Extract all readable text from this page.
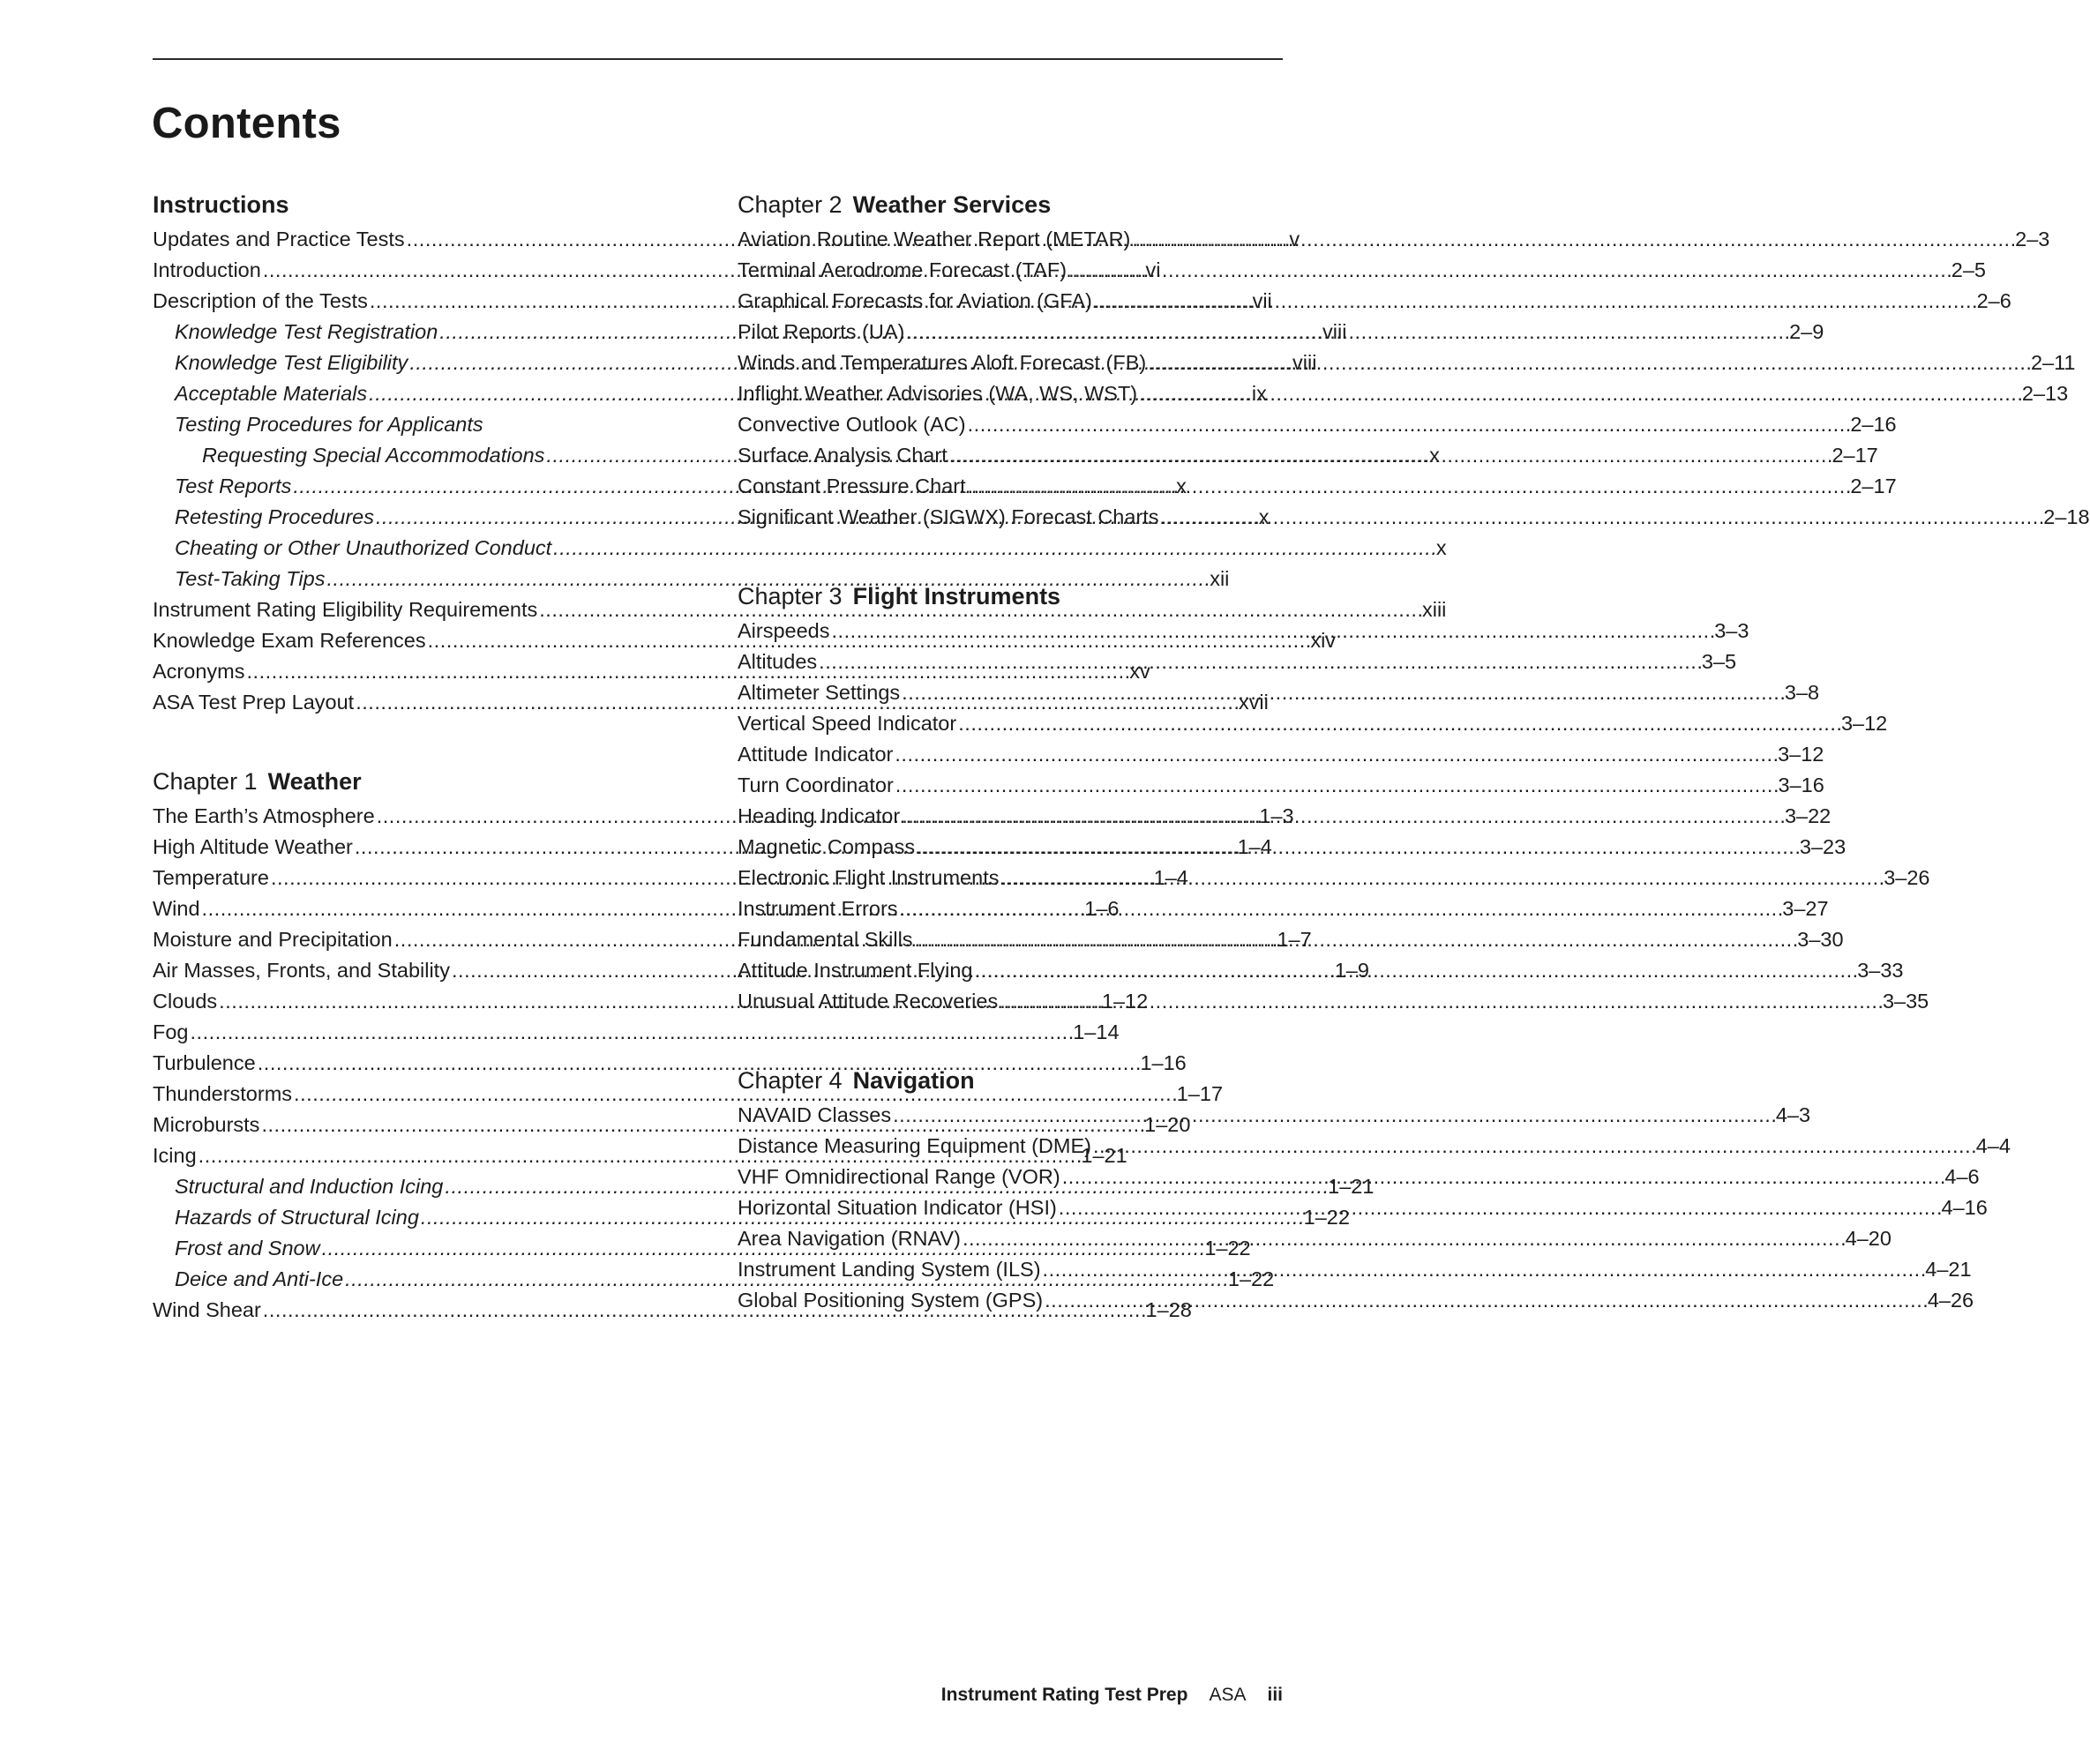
Contents
Instructions
Updates and Practice Tests . . .	v
Introduction . . .	vi
Description of the Tests . . .	vii
Knowledge Test Registration . . .	viii
Knowledge Test Eligibility . . .	viii
Acceptable Materials . . .	ix
Testing Procedures for Applicants
Requesting Special Accommodations . . .	x
Test Reports . . .	x
Retesting Procedures . . .	x
Cheating or Other Unauthorized Conduct . . .	x
Test-Taking Tips . . .	xii
Instrument Rating Eligibility Requirements . . .	xiii
Knowledge Exam References . . .	xiv
Acronyms . . .	xv
ASA Test Prep Layout . . .	xvii
Chapter 1 Weather
The Earth’s Atmosphere . . .	1–3
High Altitude Weather . . .	1–4
Temperature . . .	1–4
Wind . . .	1–6
Moisture and Precipitation . . .	1–7
Air Masses, Fronts, and Stability . . .	1–9
Clouds . . .	1–12
Fog . . .	1–14
Turbulence . . .	1–16
Thunderstorms . . .	1–17
Microbursts . . .	1–20
Icing . . .	1–21
Structural and Induction Icing . . .	1–21
Hazards of Structural Icing . . .	1–22
Frost and Snow . . .	1–22
Deice and Anti-Ice . . .	1–22
Wind Shear . . .	1–28
Chapter 2 Weather Services
Aviation Routine Weather Report (METAR) . . .	2–3
Terminal Aerodrome Forecast (TAF) . . .	2–5
Graphical Forecasts for Aviation (GFA) . . .	2–6
Pilot Reports (UA) . . .	2–9
Winds and Temperatures Aloft Forecast (FB) . . .	2–11
Inflight Weather Advisories (WA, WS, WST) . . .	2–13
Convective Outlook (AC) . . .	2–16
Surface Analysis Chart . . .	2–17
Constant Pressure Chart . . .	2–17
Significant Weather (SIGWX) Forecast Charts . . .	2–18
Chapter 3 Flight Instruments
Airspeeds . . .	3–3
Altitudes . . .	3–5
Altimeter Settings . . .	3–8
Vertical Speed Indicator . . .	3–12
Attitude Indicator . . .	3–12
Turn Coordinator . . .	3–16
Heading Indicator . . .	3–22
Magnetic Compass . . .	3–23
Electronic Flight Instruments . . .	3–26
Instrument Errors . . .	3–27
Fundamental Skills . . .	3–30
Attitude Instrument Flying . . .	3–33
Unusual Attitude Recoveries . . .	3–35
Chapter 4 Navigation
NAVAID Classes . . .	4–3
Distance Measuring Equipment (DME) . . .	4–4
VHF Omnidirectional Range (VOR) . . .	4–6
Horizontal Situation Indicator (HSI) . . .	4–16
Area Navigation (RNAV) . . .	4–20
Instrument Landing System (ILS) . . .	4–21
Global Positioning System (GPS) . . .	4–26
Instrument Rating Test Prep ASA iii
